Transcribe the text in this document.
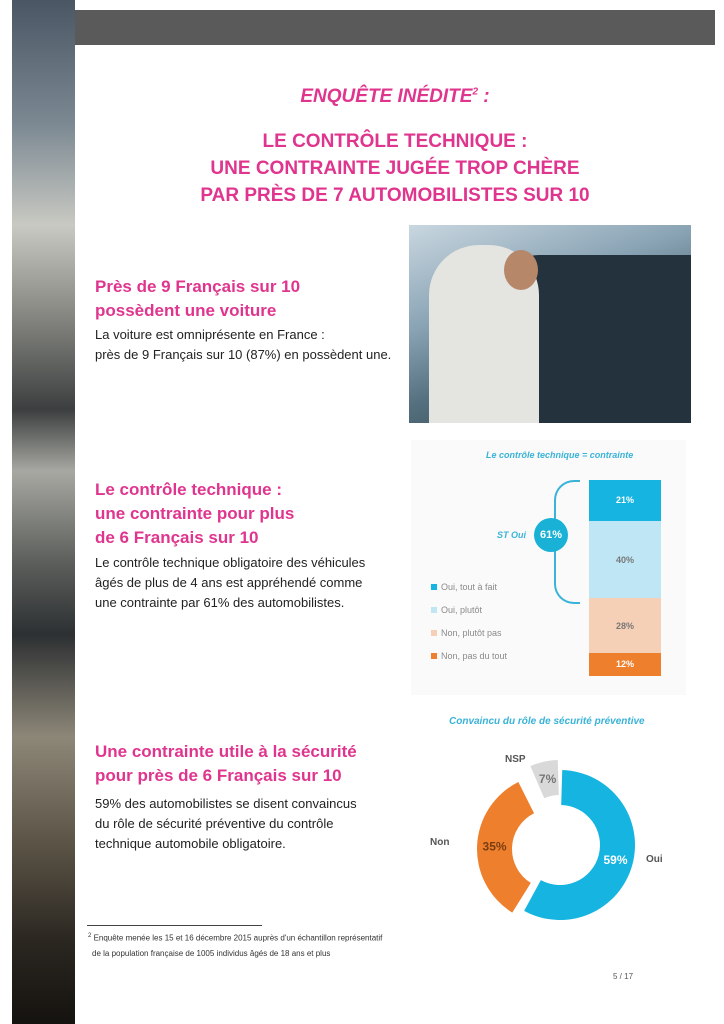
ENQUÊTE INÉDITE$^2$ :
LE CONTRÔLE TECHNIQUE :
UNE CONTRAINTE JUGÉE TROP CHÈRE
PAR PRÈS DE 7 AUTOMOBILISTES SUR 10
Près de 9 Français sur 10
possèdent une voiture
La voiture est omniprésente en France :
près de 9 Français sur 10 (87%) en possèdent une.
Le contrôle technique :
une contrainte pour plus
de 6 Français sur 10
Le contrôle technique obligatoire des véhicules
âgés de plus de 4 ans est appréhendé comme
une contrainte par 61% des automobilistes.
Le contrôle technique = contrainte
ST Oui	61%
21%
40%
28%
12%
Oui, tout à fait
Oui, plutôt
Non, plutôt pas
Non, pas du tout
Une contrainte utile à la sécurité
pour près de 6 Français sur 10
59% des automobilistes se disent convaincus
du rôle de sécurité préventive du contrôle
technique automobile obligatoire.
Convaincu du rôle de sécurité préventive
59% Oui
35%
Non
7%
NSP
$^2$ Enquête menée les 15 et 16 décembre 2015 auprès d'un échantillon représentatif
de la population française de 1005 individus âgés de 18 ans et plus
5 / 17
